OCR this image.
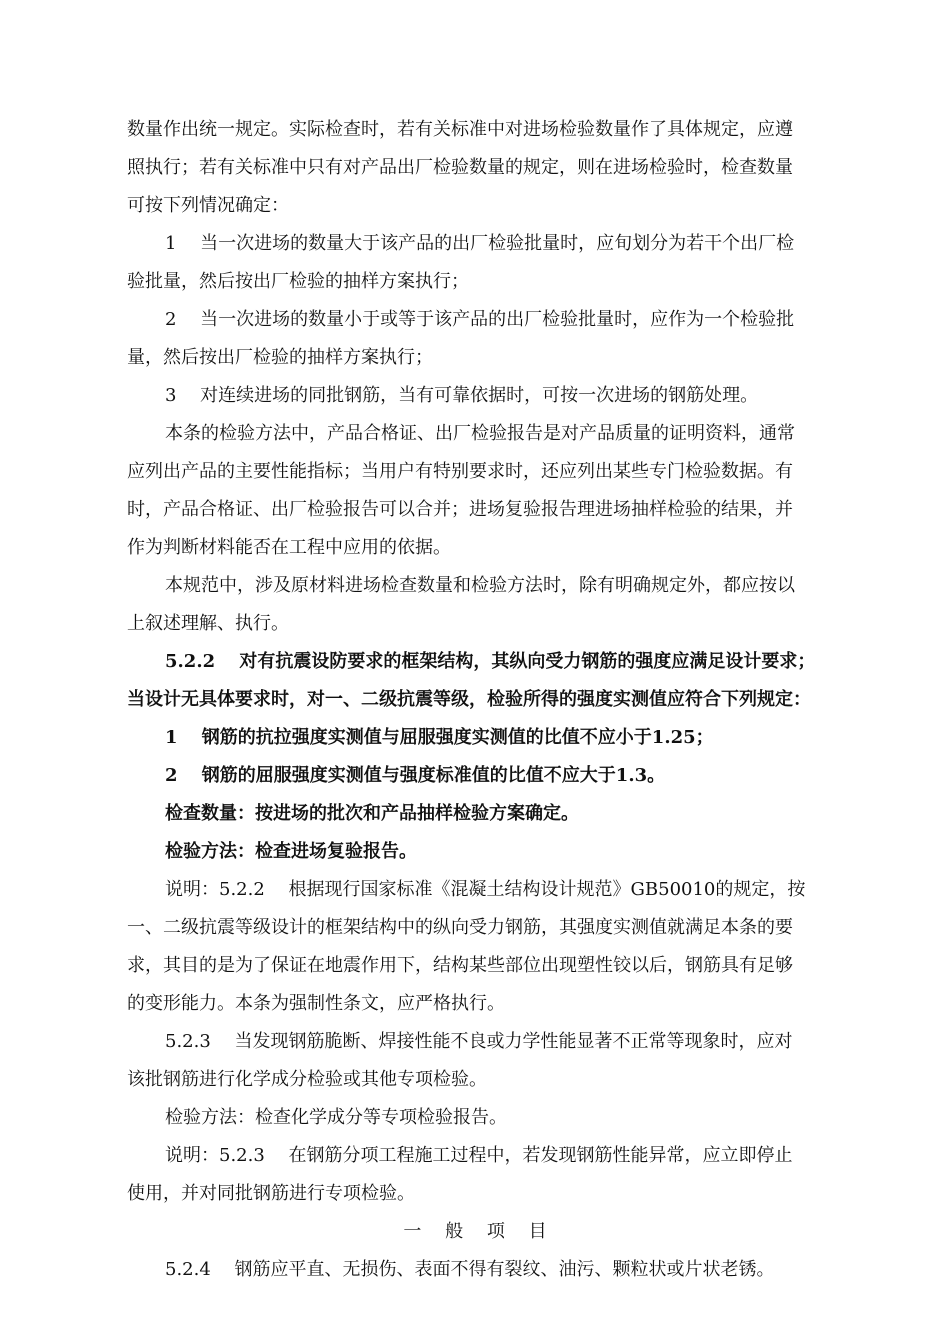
数量作出统一规定。实际检查时，若有关标准中对进场检验数量作了具体规定，应遵
照执行；若有关标准中只有对产品出厂检验数量的规定，则在进场检验时，检查数量
可按下列情况确定：
1　 当一次进场的数量大于该产品的出厂检验批量时，应旬划分为若干个出厂检
验批量，然后按出厂检验的抽样方案执行；
2　 当一次进场的数量小于或等于该产品的出厂检验批量时，应作为一个检验批
量，然后按出厂检验的抽样方案执行；
3　 对连续进场的同批钢筋，当有可靠依据时，可按一次进场的钢筋处理。
本条的检验方法中，产品合格证、出厂检验报告是对产品质量的证明资料，通常
应列出产品的主要性能指标；当用户有特别要求时，还应列出某些专门检验数据。有
时，产品合格证、出厂检验报告可以合并；进场复验报告理进场抽样检验的结果，并
作为判断材料能否在工程中应用的依据。
本规范中，涉及原材料进场检查数量和检验方法时，除有明确规定外，都应按以
上叙述理解、执行。
5.2.2　 对有抗震设防要求的框架结构，其纵向受力钢筋的强度应满足设计要求；
当设计无具体要求时，对一、二级抗震等级，检验所得的强度实测值应符合下列规定：
1　 钢筋的抗拉强度实测值与屈服强度实测值的比值不应小于1.25；
2　 钢筋的屈服强度实测值与强度标准值的比值不应大于1.3。
检查数量：按进场的批次和产品抽样检验方案确定。
检验方法：检查进场复验报告。
说明：5.2.2　 根据现行国家标准《混凝土结构设计规范》GB50010的规定，按
一、二级抗震等级设计的框架结构中的纵向受力钢筋，其强度实测值就满足本条的要
求，其目的是为了保证在地震作用下，结构某些部位出现塑性铰以后，钢筋具有足够
的变形能力。本条为强制性条文，应严格执行。
5.2.3　 当发现钢筋脆断、焊接性能不良或力学性能显著不正常等现象时，应对
该批钢筋进行化学成分检验或其他专项检验。
检验方法：检查化学成分等专项检验报告。
说明：5.2.3　 在钢筋分项工程施工过程中，若发现钢筋性能异常，应立即停止
使用，并对同批钢筋进行专项检验。
一　 般　 项　 目
5.2.4　 钢筋应平直、无损伤、表面不得有裂纹、油污、颗粒状或片状老锈。
